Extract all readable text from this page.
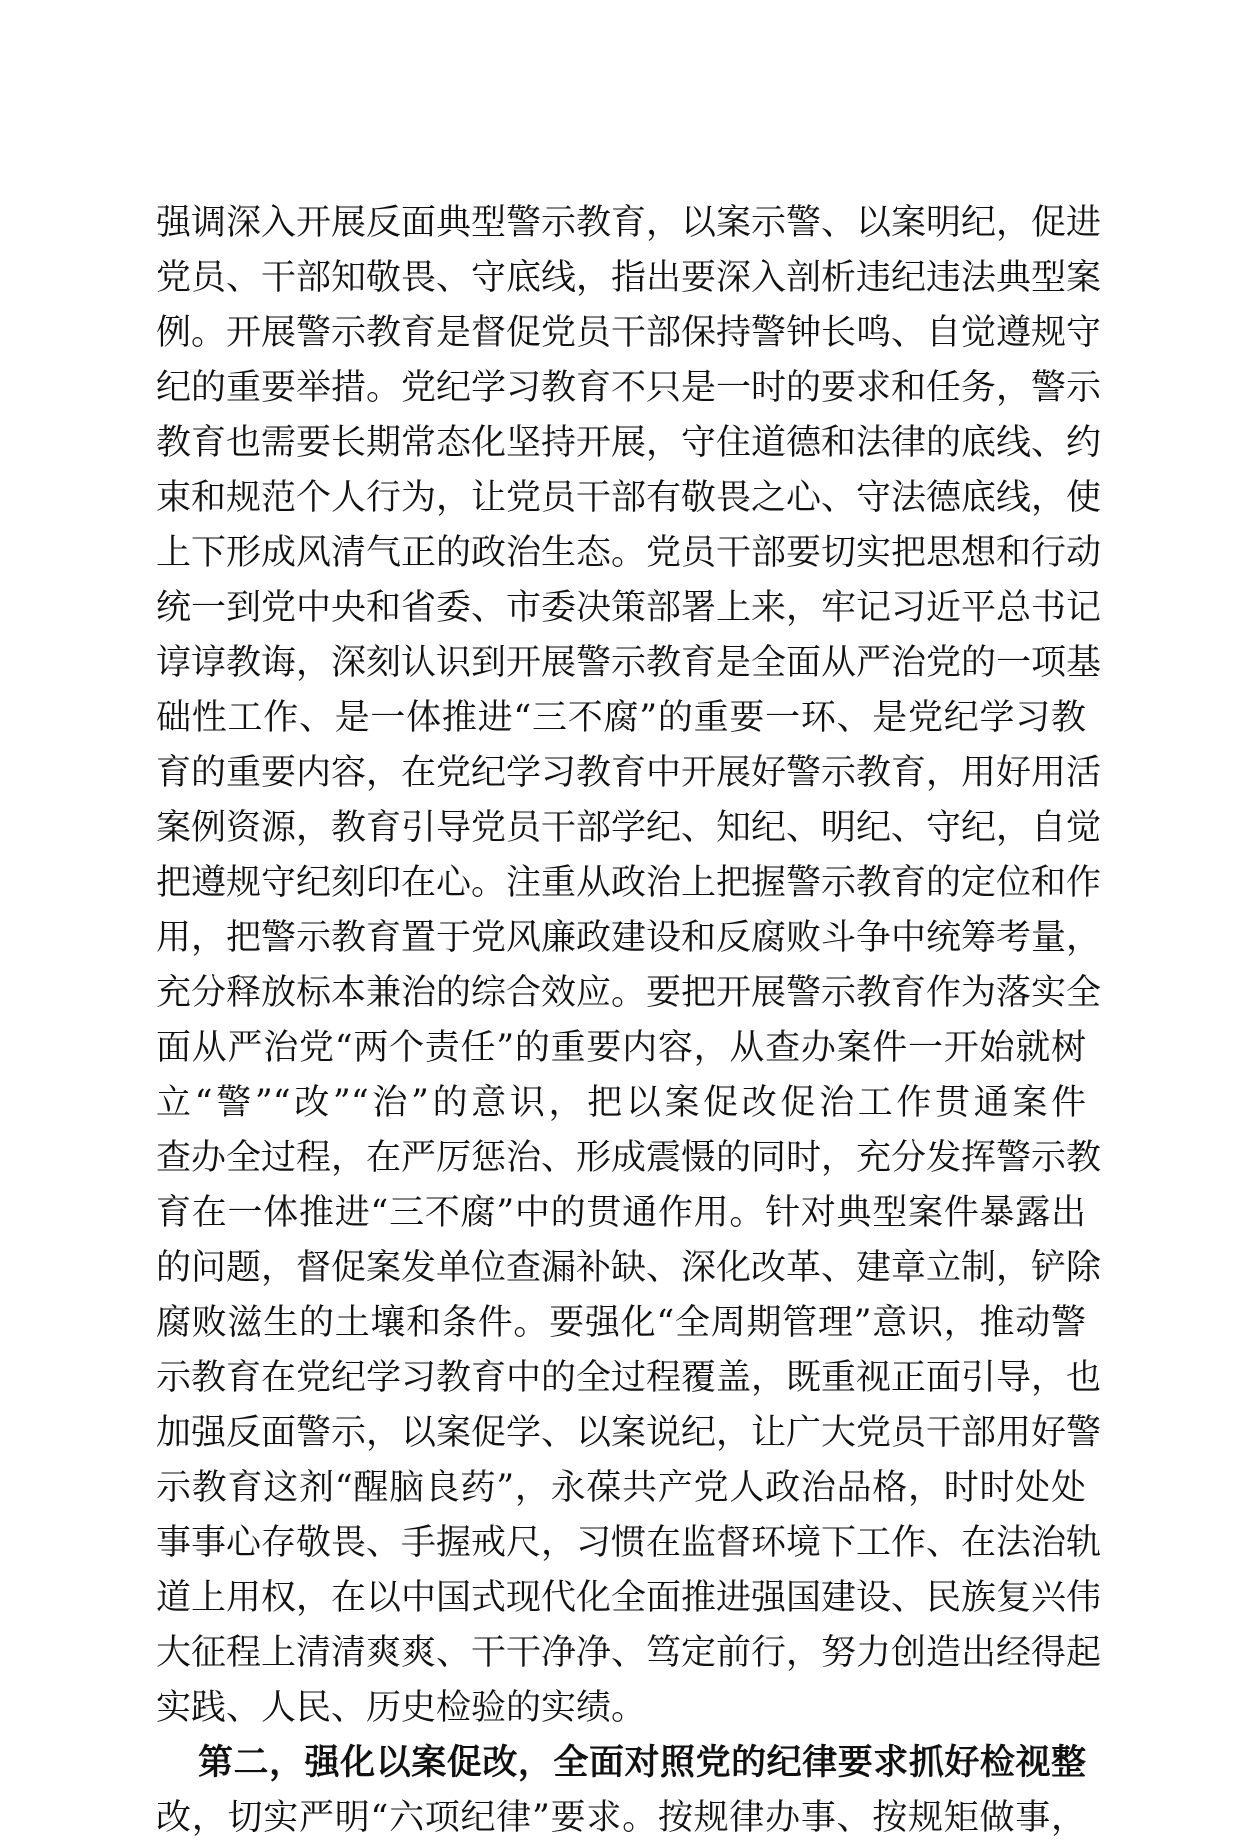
强调深入开展反面典型警示教育，以案示警、以案明纪，促进
党员、干部知敬畏、守底线，指出要深入剖析违纪违法典型案
例。开展警示教育是督促党员干部保持警钟长鸣、自觉遵规守
纪的重要举措。党纪学习教育不只是一时的要求和任务，警示
教育也需要长期常态化坚持开展，守住道德和法律的底线、约
束和规范个人行为，让党员干部有敬畏之心、守法德底线，使
上下形成风清气正的政治生态。党员干部要切实把思想和行动
统一到党中央和省委、市委决策部署上来，牢记习近平总书记
谆谆教诲，深刻认识到开展警示教育是全面从严治党的一项基
础性工作、是一体推进“三不腐”的重要一环、是党纪学习教
育的重要内容，在党纪学习教育中开展好警示教育，用好用活
案例资源，教育引导党员干部学纪、知纪、明纪、守纪，自觉
把遵规守纪刻印在心。注重从政治上把握警示教育的定位和作
用，把警示教育置于党风廉政建设和反腐败斗争中统筹考量，
充分释放标本兼治的综合效应。要把开展警示教育作为落实全
面从严治党“两个责任”的重要内容，从查办案件一开始就树
立“警”“改”“治”的意识，把以案促改促治工作贯通案件
查办全过程，在严厉惩治、形成震慑的同时，充分发挥警示教
育在一体推进“三不腐”中的贯通作用。针对典型案件暴露出
的问题，督促案发单位查漏补缺、深化改革、建章立制，铲除
腐败滋生的土壤和条件。要强化“全周期管理”意识，推动警
示教育在党纪学习教育中的全过程覆盖，既重视正面引导，也
加强反面警示，以案促学、以案说纪，让广大党员干部用好警
示教育这剂“醒脑良药”，永葆共产党人政治品格，时时处处
事事心存敬畏、手握戒尺，习惯在监督环境下工作、在法治轨
道上用权，在以中国式现代化全面推进强国建设、民族复兴伟
大征程上清清爽爽、干干净净、笃定前行，努力创造出经得起
实践、人民、历史检验的实绩。
第二，强化以案促改，全面对照党的纪律要求抓好检视整
改，切实严明“六项纪律”要求。按规律办事、按规矩做事，
